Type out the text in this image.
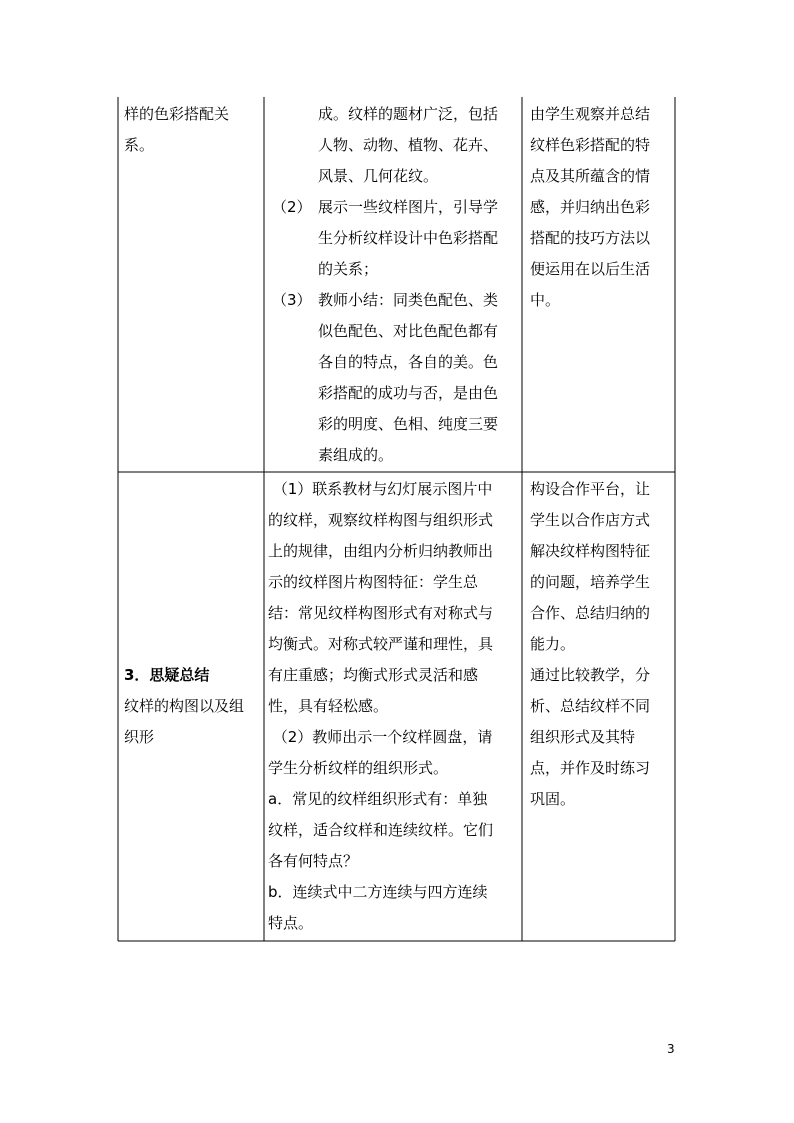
样的色彩搭配关

系。

成。纹样的题材广泛，包括

人物、动物、植物、花卉、

风景、几何花纹。

（2） 展示一些纹样图片，引导学

生分析纹样设计中色彩搭配

的关系；

（3） 教师小结：同类色配色、类

似色配色、对比色配色都有

各自的特点，各自的美。色

彩搭配的成功与否，是由色

彩的明度、色相、纯度三要

素组成的。

由学生观察并总结

纹样色彩搭配的特

点及其所蕴含的情

感，并归纳出色彩

搭配的技巧方法以

便运用在以后生活

中。

3．思疑总结

纹样的构图以及组

织形

（1）联系教材与幻灯展示图片中

的纹样，观察纹样构图与组织形式

上的规律，由组内分析归纳教师出

示的纹样图片构图特征：学生总

结：常见纹样构图形式有对称式与

均衡式。对称式较严谨和理性，具

有庄重感；均衡式形式灵活和感

性，具有轻松感。

（2）教师出示一个纹样圆盘，请

学生分析纹样的组织形式。

a．常见的纹样组织形式有：单独

纹样，适合纹样和连续纹样。它们

各有何特点？

b．连续式中二方连续与四方连续

特点。

构设合作平台，让

学生以合作店方式

解决纹样构图特征

的问题，培养学生

合作、总结归纳的

能力。

通过比较教学，分

析、总结纹样不同

组织形式及其特

点，并作及时练习

巩固。

3
